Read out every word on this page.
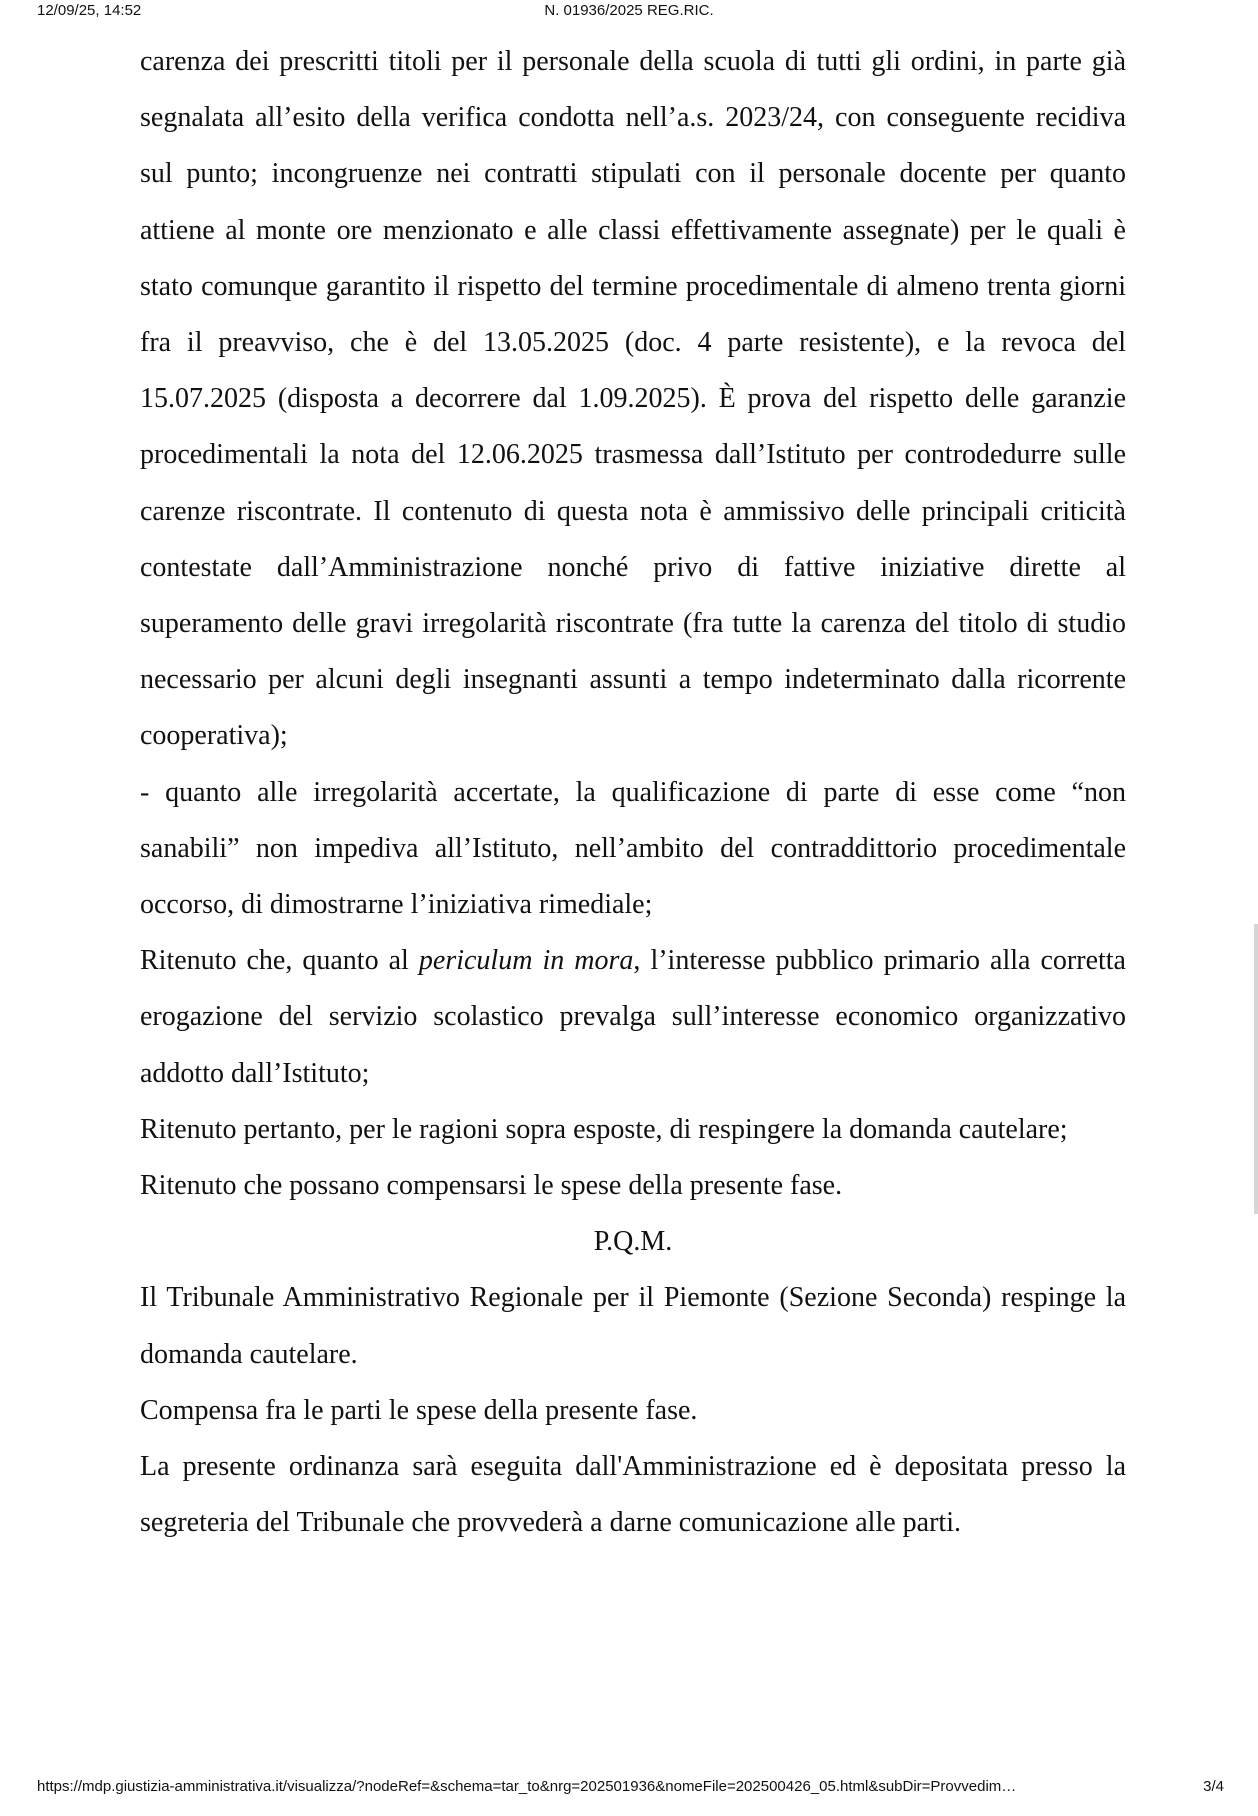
12/09/25, 14:52	N. 01936/2025 REG.RIC.

carenza dei prescritti titoli per il personale della scuola di tutti gli ordini, in parte già segnalata all’esito della verifica condotta nell’a.s. 2023/24, con conseguente recidiva sul punto; incongruenze nei contratti stipulati con il personale docente per quanto attiene al monte ore menzionato e alle classi effettivamente assegnate) per le quali è stato comunque garantito il rispetto del termine procedimentale di almeno trenta giorni fra il preavviso, che è del 13.05.2025 (doc. 4 parte resistente), e la revoca del 15.07.2025 (disposta a decorrere dal 1.09.2025). È prova del rispetto delle garanzie procedimentali la nota del 12.06.2025 trasmessa dall’Istituto per controdedurre sulle carenze riscontrate. Il contenuto di questa nota è ammissivo delle principali criticità contestate dall’Amministrazione nonché privo di fattive iniziative dirette al superamento delle gravi irregolarità riscontrate (fra tutte la carenza del titolo di studio necessario per alcuni degli insegnanti assunti a tempo indeterminato dalla ricorrente cooperativa);

- quanto alle irregolarità accertate, la qualificazione di parte di esse come “non sanabili” non impediva all’Istituto, nell’ambito del contraddittorio procedimentale occorso, di dimostrarne l’iniziativa rimediale;

Ritenuto che, quanto al periculum in mora, l’interesse pubblico primario alla corretta erogazione del servizio scolastico prevalga sull’interesse economico organizzativo addotto dall’Istituto;

Ritenuto pertanto, per le ragioni sopra esposte, di respingere la domanda cautelare;

Ritenuto che possano compensarsi le spese della presente fase.

P.Q.M.

Il Tribunale Amministrativo Regionale per il Piemonte (Sezione Seconda) respinge la domanda cautelare.

Compensa fra le parti le spese della presente fase.

La presente ordinanza sarà eseguita dall'Amministrazione ed è depositata presso la segreteria del Tribunale che provvederà a darne comunicazione alle parti.

https://mdp.giustizia-amministrativa.it/visualizza/?nodeRef=&schema=tar_to&nrg=202501936&nomeFile=202500426_05.html&subDir=Provvedim…	3/4
